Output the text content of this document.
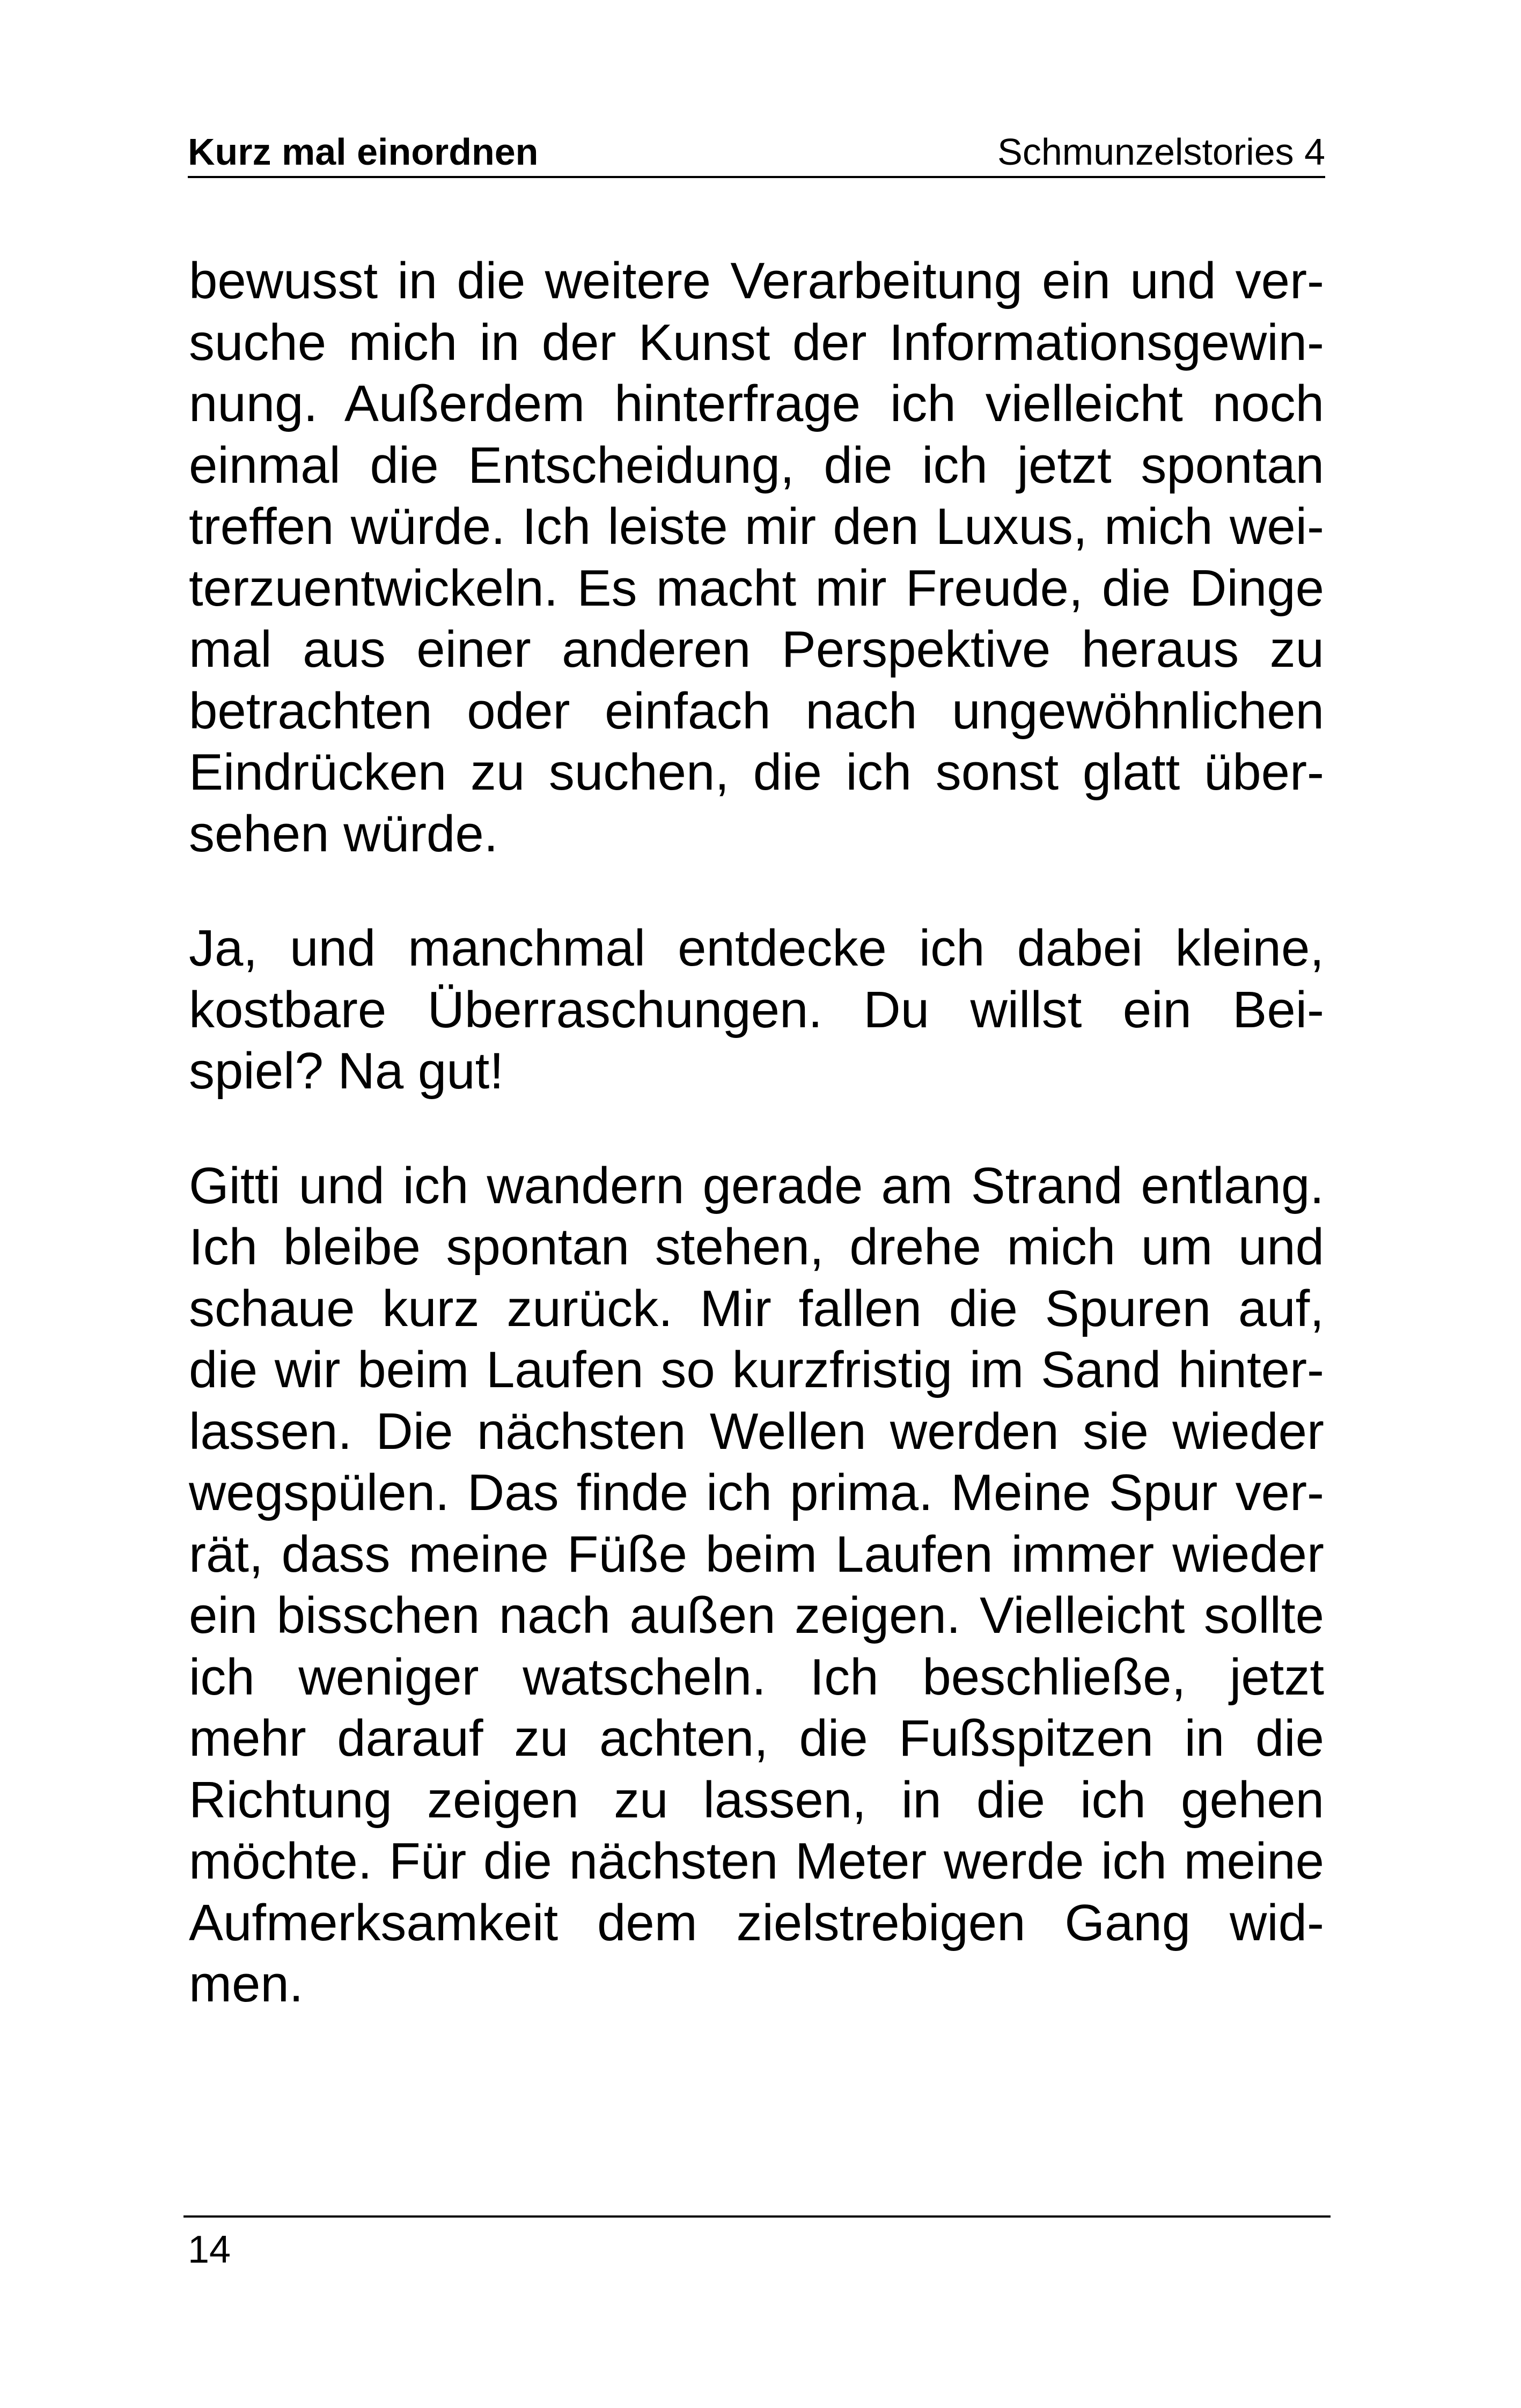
Kurz mal einordnen	Schmunzelstories 4
bewusst in die weitere Verarbeitung ein und ver-
suche mich in der Kunst der Informationsgewin-
nung. Außerdem hinterfrage ich vielleicht noch
einmal die Entscheidung, die ich jetzt spontan
treffen würde. Ich leiste mir den Luxus, mich wei-
terzuentwickeln. Es macht mir Freude, die Dinge
mal aus einer anderen Perspektive heraus zu
betrachten oder einfach nach ungewöhnlichen
Eindrücken zu suchen, die ich sonst glatt über-
sehen würde.
Ja, und manchmal entdecke ich dabei kleine,
kostbare Überraschungen. Du willst ein Bei-
spiel? Na gut!
Gitti und ich wandern gerade am Strand entlang.
Ich bleibe spontan stehen, drehe mich um und
schaue kurz zurück. Mir fallen die Spuren auf,
die wir beim Laufen so kurzfristig im Sand hinter-
lassen. Die nächsten Wellen werden sie wieder
wegspülen. Das finde ich prima. Meine Spur ver-
rät, dass meine Füße beim Laufen immer wieder
ein bisschen nach außen zeigen. Vielleicht sollte
ich weniger watscheln. Ich beschließe, jetzt
mehr darauf zu achten, die Fußspitzen in die
Richtung zeigen zu lassen, in die ich gehen
möchte. Für die nächsten Meter werde ich meine
Aufmerksamkeit dem zielstrebigen Gang wid-
men.
14
